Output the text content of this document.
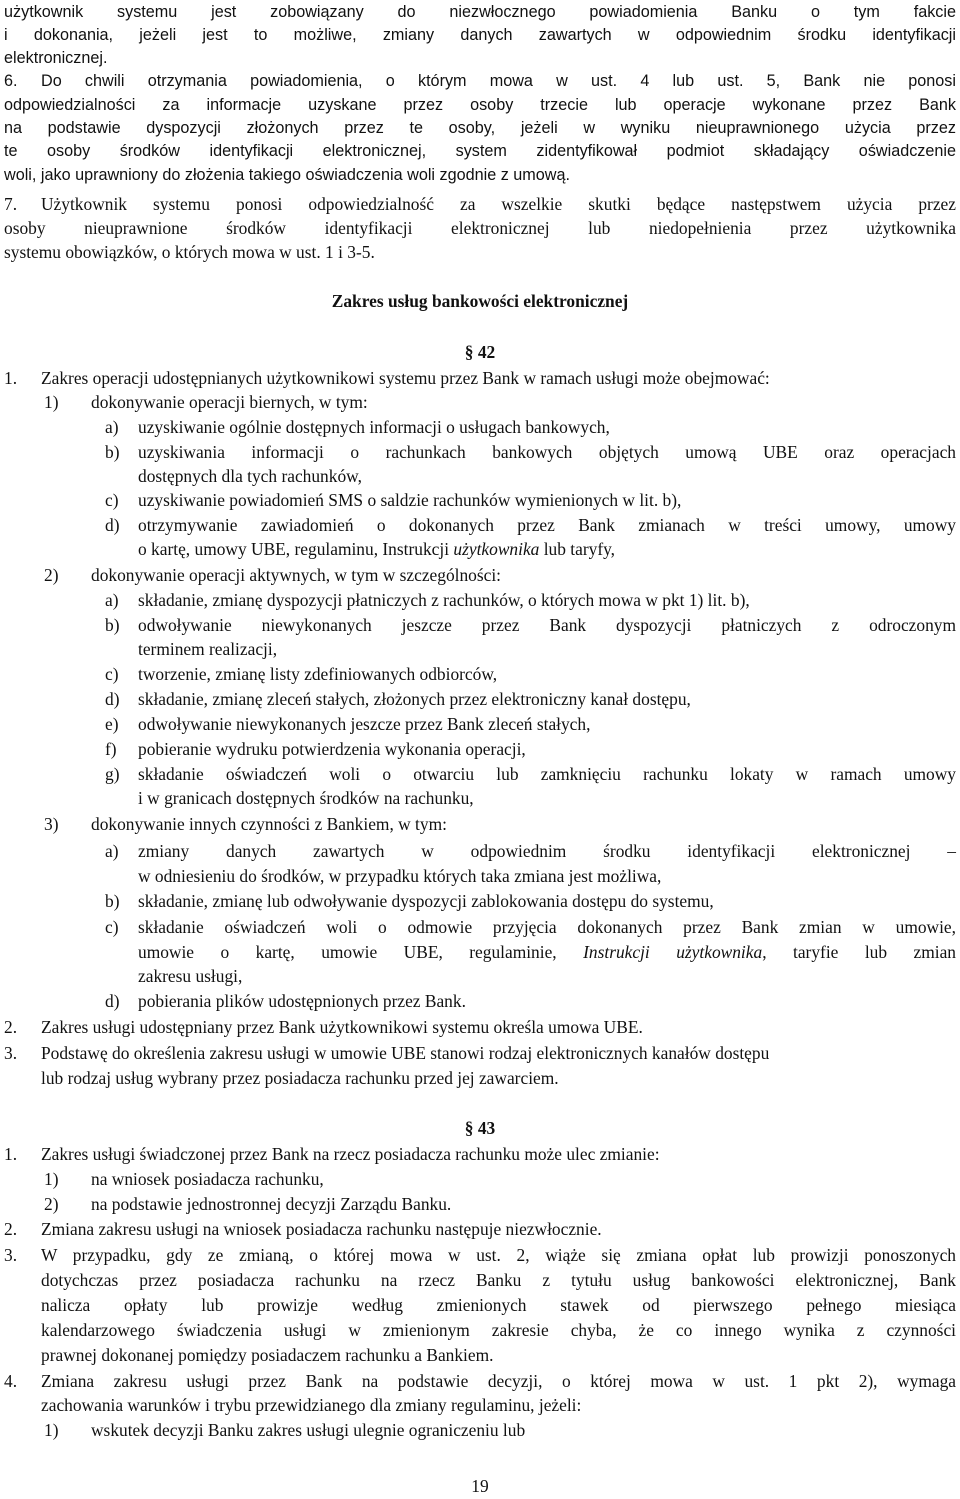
użytkownik systemu jest zobowiązany do niezwłocznego powiadomienia Banku o tym fakcie
i dokonania, jeżeli jest to możliwe, zmiany danych zawartych w odpowiednim środku identyfikacji
elektronicznej.
6. Do chwili otrzymania powiadomienia, o którym mowa w ust. 4 lub ust. 5, Bank nie ponosi
odpowiedzialności za informacje uzyskane przez osoby trzecie lub operacje wykonane przez Bank
na podstawie dyspozycji złożonych przez te osoby, jeżeli w wyniku nieuprawnionego użycia przez
te osoby środków identyfikacji elektronicznej, system zidentyfikował podmiot składający oświadczenie
woli, jako uprawniony do złożenia takiego oświadczenia woli zgodnie z umową.
7. Użytkownik systemu ponosi odpowiedzialność za wszelkie skutki będące następstwem użycia przez
osoby nieuprawnione środków identyfikacji elektronicznej lub niedopełnienia przez użytkownika
systemu obowiązków, o których mowa w ust. 1 i 3-5.
Zakres usług bankowości elektronicznej
§ 42
1. Zakres operacji udostępnianych użytkownikowi systemu przez Bank w ramach usługi może obejmować:
1) dokonywanie operacji biernych, w tym:
a) uzyskiwanie ogólnie dostępnych informacji o usługach bankowych,
b) uzyskiwania informacji o rachunkach bankowych objętych umową UBE oraz operacjach
dostępnych dla tych rachunków,
c) uzyskiwanie powiadomień SMS o saldzie rachunków wymienionych w lit. b),
d) otrzymywanie zawiadomień o dokonanych przez Bank zmianach w treści umowy, umowy
o kartę, umowy UBE, regulaminu, Instrukcji użytkownika lub taryfy,
2) dokonywanie operacji aktywnych, w tym w szczególności:
a) składanie, zmianę dyspozycji płatniczych z rachunków, o których mowa w pkt 1) lit. b),
b) odwoływanie niewykonanych jeszcze przez Bank dyspozycji płatniczych z odroczonym
terminem realizacji,
c) tworzenie, zmianę listy zdefiniowanych odbiorców,
d) składanie, zmianę zleceń stałych, złożonych przez elektroniczny kanał dostępu,
e) odwoływanie niewykonanych jeszcze przez Bank zleceń stałych,
f) pobieranie wydruku potwierdzenia wykonania operacji,
g) składanie oświadczeń woli o otwarciu lub zamknięciu rachunku lokaty w ramach umowy
i w granicach dostępnych środków na rachunku,
3) dokonywanie innych czynności z Bankiem, w tym:
a) zmiany danych zawartych w odpowiednim środku identyfikacji elektronicznej –
w odniesieniu do środków, w przypadku których taka zmiana jest możliwa,
b) składanie, zmianę lub odwoływanie dyspozycji zablokowania dostępu do systemu,
c) składanie oświadczeń woli o odmowie przyjęcia dokonanych przez Bank zmian w umowie,
umowie o kartę, umowie UBE, regulaminie, Instrukcji użytkownika, taryfie lub zmian
zakresu usługi,
d) pobierania plików udostępnionych przez Bank.
2. Zakres usługi udostępniany przez Bank użytkownikowi systemu określa umowa UBE.
3. Podstawę do określenia zakresu usługi w umowie UBE stanowi rodzaj elektronicznych kanałów dostępu
lub rodzaj usług wybrany przez posiadacza rachunku przed jej zawarciem.
§ 43
1. Zakres usługi świadczonej przez Bank na rzecz posiadacza rachunku może ulec zmianie:
1) na wniosek posiadacza rachunku,
2) na podstawie jednostronnej decyzji Zarządu Banku.
2. Zmiana zakresu usługi na wniosek posiadacza rachunku następuje niezwłocznie.
3. W przypadku, gdy ze zmianą, o której mowa w ust. 2, wiąże się zmiana opłat lub prowizji ponoszonych
dotychczas przez posiadacza rachunku na rzecz Banku z tytułu usług bankowości elektronicznej, Bank
nalicza opłaty lub prowizje według zmienionych stawek od pierwszego pełnego miesiąca
kalendarzowego świadczenia usługi w zmienionym zakresie chyba, że co innego wynika z czynności
prawnej dokonanej pomiędzy posiadaczem rachunku a Bankiem.
4. Zmiana zakresu usługi przez Bank na podstawie decyzji, o której mowa w ust. 1 pkt 2), wymaga
zachowania warunków i trybu przewidzianego dla zmiany regulaminu, jeżeli:
1) wskutek decyzji Banku zakres usługi ulegnie ograniczeniu lub
19
